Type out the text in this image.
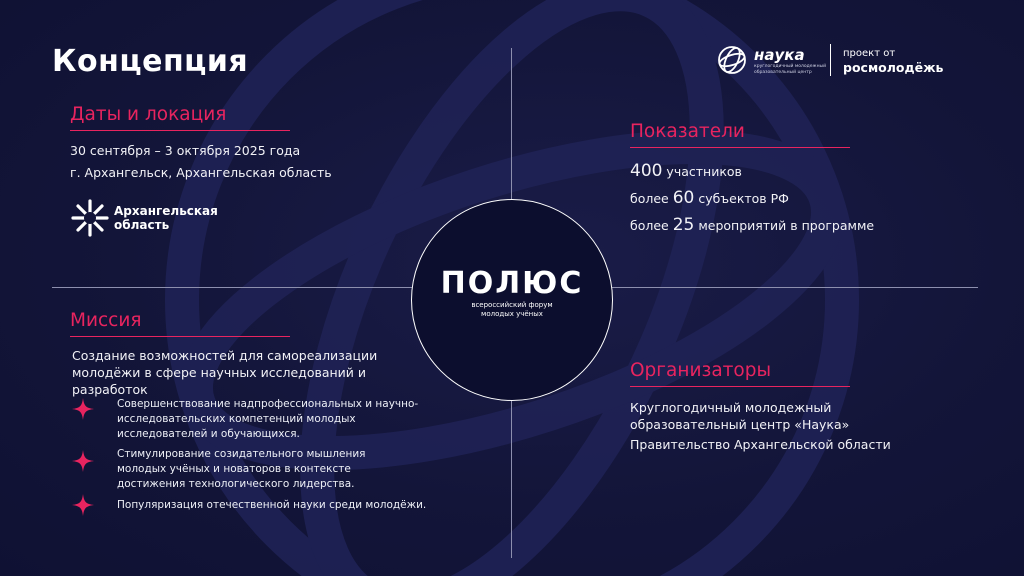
Концепция	наука
круглогодичный молодежный образовательный центр
проект от
росмолодёжь
Даты и локация
30 сентября – 3 октября 2025 года
г. Архангельск, Архангельская область
Архангельская
область
Показатели
400 участников
более 60 субъектов РФ
более 25 мероприятий в программе
ПОЛЮС
всероссийский форум
молодых учёных
Миссия
Создание возможностей для самореализации молодёжи в сфере научных исследований и разработок
Совершенствование надпрофессиональных и научно-исследовательских компетенций молодых исследователей и обучающихся.
Стимулирование созидательного мышления молодых учёных и новаторов в контексте достижения технологического лидерства.
Популяризация отечественной науки среди молодёжи.
Организаторы
Круглогодичный молодежный образовательный центр «Наука»
Правительство Архангельской области
